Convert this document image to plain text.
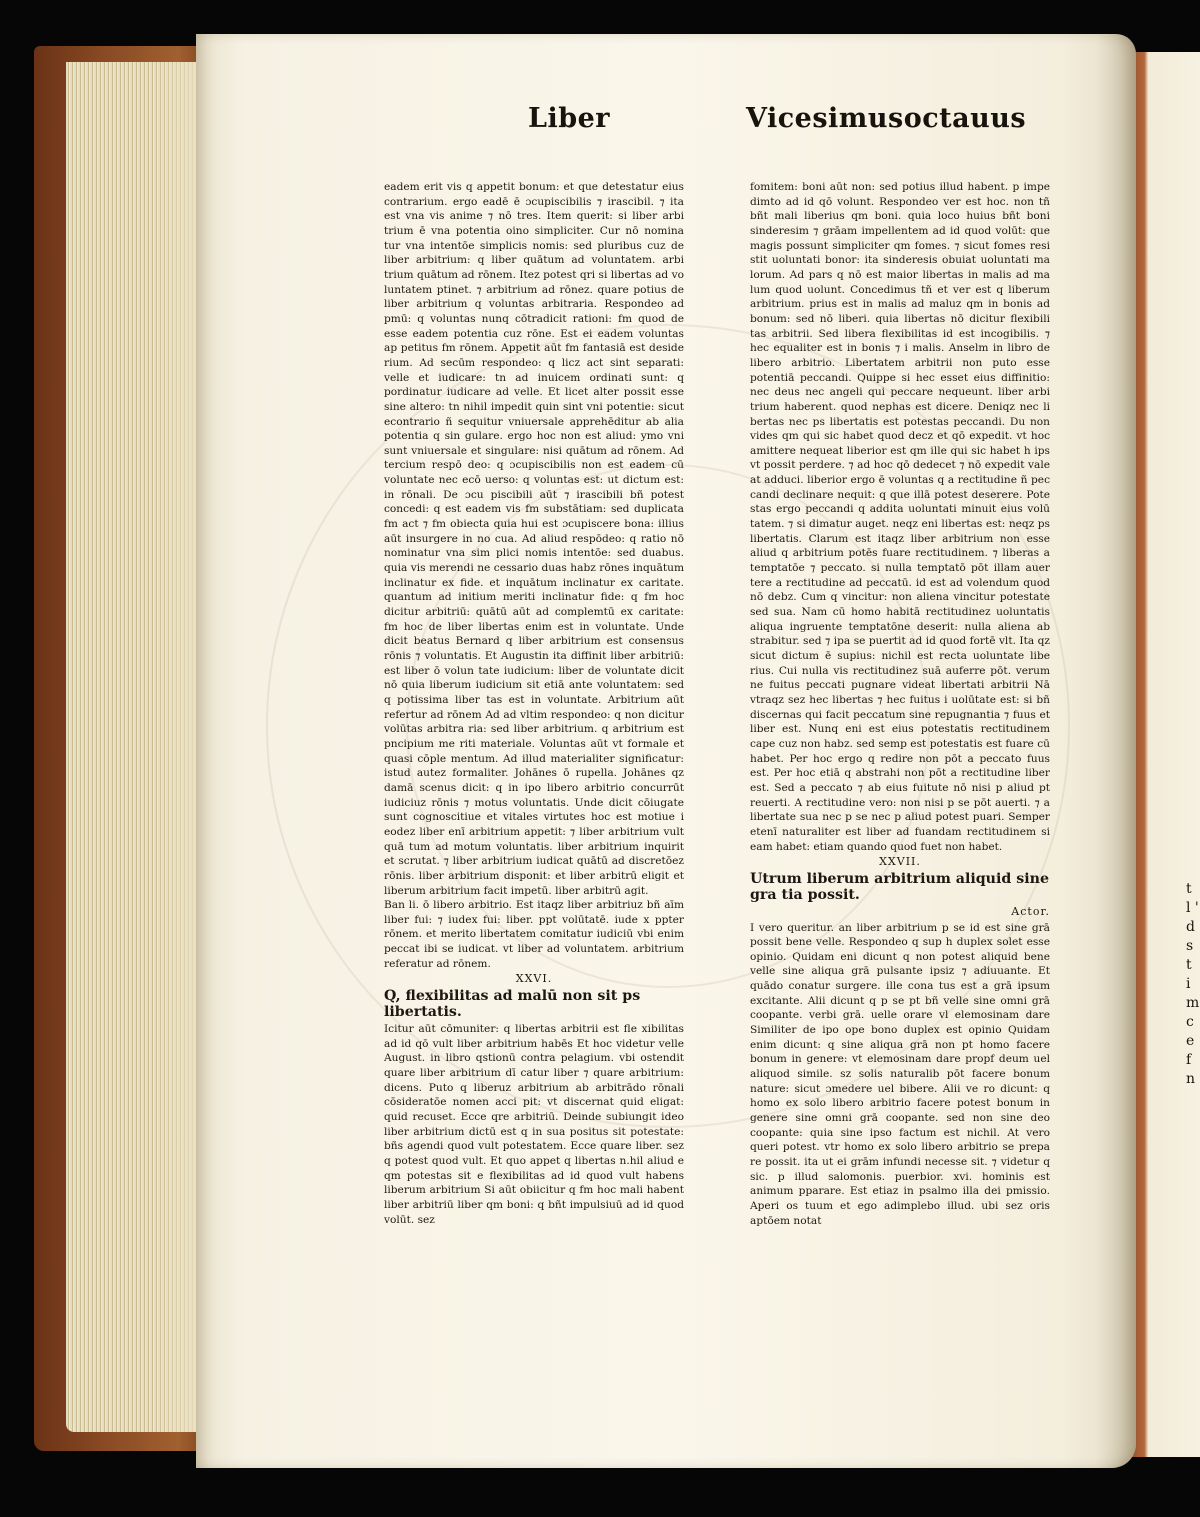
t l ' d s t i m c e f n
Liber	Vicesimusoctauus

eadem erit vis q appetit bonum: et que detestatur eius contrarium. ergo eadē ē ɔcupiscibilis ⁊ irascibil. ⁊ ita est vna vis anime ⁊ nō tres. Item querit: si liber arbi trium ē vna potentia oino simpliciter. Cur nō nomina tur vna intentōe simplicis nomis: sed pluribus cuz de liber arbitrium: q liber quātum ad voluntatem. arbi trium quātum ad rōnem. Itez potest qri si libertas ad vo luntatem ptinet. ⁊ arbitrium ad rōnez. quare potius de liber arbitrium q voluntas arbitraria. Respondeo ad pmū: q voluntas nunq cōtradicit rationi: fm quod de esse eadem potentia cuz rōne. Est ei eadem voluntas ap petitus fm rōnem. Appetit aūt fm fantasiā est deside rium. Ad secūm respondeo: q licz act sint separati: velle et iudicare: tn ad inuicem ordinati sunt: q pordinatur iudicare ad velle. Et licet alter possit esse sine altero: tn nihil impedit quin sint vni potentie: sicut econtrario ñ sequitur vniuersale apprehēditur ab alia potentia q sin gulare. ergo hoc non est aliud: ymo vni sunt vniuersale et singulare: nisi quātum ad rōnem. Ad tercium respō deo: q ɔcupiscibilis non est eadem cū voluntate nec ecō uerso: q voluntas est: ut dictum est: in rōnali. De ɔcu piscibili aūt ⁊ irascibili bñ potest concedi: q est eadem vis fm substātiam: sed duplicata fm act ⁊ fm obiecta quia hui est ɔcupiscere bona: illius aūt insurgere in no cua. Ad aliud respōdeo: q ratio nō nominatur vna sim plici nomis intentōe: sed duabus. quia vis merendi ne cessario duas habz rōnes inquātum inclinatur ex fide. et inquātum inclinatur ex caritate. quantum ad initium meriti inclinatur fide: q fm hoc dicitur arbitriū: quātū aūt ad complemtū ex caritate: fm hoc de liber libertas enim est in voluntate. Unde dicit beatus Bernard q liber arbitrium est consensus rōnis ⁊ voluntatis. Et Augustin ita diffinit liber arbitriū: est liber ō volun tate iudicium: liber de voluntate dicit nō quia liberum iudicium sit etiā ante voluntatem: sed q potissima liber tas est in voluntate. Arbitrium aūt refertur ad rōnem Ad ad vltim respondeo: q non dicitur volūtas arbitra ria: sed liber arbitrium. q arbitrium est pncipium me riti materiale. Voluntas aūt vt formale et quasi cōple mentum. Ad illud materialiter significatur: istud autez formaliter. Johānes ō rupella. Johānes qz damā scenus dicit: q in ipo libero arbitrio concurrūt iudiciuz rōnis ⁊ motus voluntatis. Unde dicit cōiugate sunt cognoscitiue et vitales virtutes hoc est motiue i eodez liber enī arbitrium appetit: ⁊ liber arbitrium vult quā tum ad motum voluntatis. liber arbitrium inquirit et scrutat. ⁊ liber arbitrium iudicat quātū ad discretōez rōnis. liber arbitrium disponit: et liber arbitrū eligit et liberum arbitrium facit impetū. liber arbitrū agit.

Ban li. ō libero arbitrio. Est itaqz liber arbitriuz bñ aīm liber fui: ⁊ iudex fui: liber. ppt volūtatē. iude x ppter rōnem. et merito libertatem comitatur iudiciū vbi enim peccat ibi se iudicat. vt liber ad voluntatem. arbitrium referatur ad rōnem.

XXVI.

Q, flexibilitas ad malū non sit ps libertatis.

Icitur aūt cōmuniter: q libertas arbitrii est fle xibilitas ad id qō vult liber arbitrium habēs Et hoc videtur velle August. in libro qstionū contra pelagium. vbi ostendit quare liber arbitrium dī catur liber ⁊ quare arbitrium: dicens. Puto q liberuz arbitrium ab arbitrādo rōnali cōsideratōe nomen acci pit: vt discernat quid eligat: quid recuset. Ecce qre arbitriū. Deinde subiungit ideo liber arbitrium dictū est q in sua positus sit potestate: bñs agendi quod vult potestatem. Ecce quare liber. sez q potest quod vult. Et quo appet q libertas n.hil aliud e qm potestas sit e flexibilitas ad id quod vult habens liberum arbitrium Si aūt obiicitur q fm hoc mali habent liber arbitriū liber qm boni: q bñt impulsiuū ad id quod volūt. sez

fomitem: boni aūt non: sed potius illud habent. p impe dimto ad id qō volunt. Respondeo ver est hoc. non tñ bñt mali liberius qm boni. quia loco huius bñt boni sinderesim ⁊ grāam impellentem ad id quod volūt: que magis possunt simpliciter qm fomes. ⁊ sicut fomes resi stit uoluntati bonor: ita sinderesis obuiat uoluntati ma lorum. Ad pars q nō est maior libertas in malis ad ma lum quod uolunt. Concedimus tñ et ver est q liberum arbitrium. prius est in malis ad maluz qm in bonis ad bonum: sed nō liberi. quia libertas nō dicitur flexibili tas arbitrii. Sed libera flexibilitas id est incogibilis. ⁊ hec equaliter est in bonis ⁊ i malis. Anselm in libro de libero arbitrio. Libertatem arbitrii non puto esse potentiā peccandi. Quippe si hec esset eius diffinitio: nec deus nec angeli qui peccare nequeunt. liber arbi trium haberent. quod nephas est dicere. Deniqz nec li bertas nec ps libertatis est potestas peccandi. Du non vides qm qui sic habet quod decz et qō expedit. vt hoc amittere nequeat liberior est qm ille qui sic habet h ips vt possit perdere. ⁊ ad hoc qō dedecet ⁊ nō expedit vale at adduci. liberior ergo ē voluntas q a rectitudine ñ pec candi declinare nequit: q que illā potest deserere. Pote stas ergo peccandi q addita uoluntati minuit eius volū tatem. ⁊ si dimatur auget. neqz eni libertas est: neqz ps libertatis. Clarum est itaqz liber arbitrium non esse aliud q arbitrium potēs fuare rectitudinem. ⁊ liberas a temptatōe ⁊ peccato. si nulla temptatō pōt illam auer tere a rectitudine ad peccatū. id est ad volendum quod nō debz. Cum q vincitur: non aliena vincitur potestate sed sua. Nam cū homo habitā rectitudinez uoluntatis aliqua ingruente temptatōne deserit: nulla aliena ab strabitur. sed ⁊ ipa se puertit ad id quod fortē vlt. Ita qz sicut dictum ē supius: nichil est recta uoluntate libe rius. Cui nulla vis rectitudinez suā auferre pōt. verum ne fuitus peccati pugnare videat libertati arbitrii Nā vtraqz sez hec libertas ⁊ hec fuitus i uolūtate est: si bñ discernas qui facit peccatum sine repugnantia ⁊ fuus et liber est. Nunq eni est eius potestatis rectitudinem cape cuz non habz. sed semp est potestatis est fuare cū habet. Per hoc ergo q redire non pōt a peccato fuus est. Per hoc etiā q abstrahi non pōt a rectitudine liber est. Sed a peccato ⁊ ab eius fuitute nō nisi p aliud pt reuerti. A rectitudine vero: non nisi p se pōt auerti. ⁊ a libertate sua nec p se nec p aliud potest puari. Semper etenī naturaliter est liber ad fuandam rectitudinem si eam habet: etiam quando quod fuet non habet.

XXVII.

Utrum liberum arbitrium aliquid sine gra tia possit.

Actor.

I vero queritur. an liber arbitrium p se id est sine grā possit bene velle. Respondeo q sup h duplex solet esse opinio. Quidam eni dicunt q non potest aliquid bene velle sine aliqua grā pulsante ipsiz ⁊ adiuuante. Et quādo conatur surgere. ille cona tus est a grā ipsum excitante. Alii dicunt q p se pt bñ velle sine omni grā coopante. verbi grā. uelle orare vl elemosinam dare Similiter de ipo ope bono duplex est opinio Quidam enim dicunt: q sine aliqua grā non pt homo facere bonum in genere: vt elemosinam dare propf deum uel aliquod simile. sz solis naturalib pōt facere bonum nature: sicut ɔmedere uel bibere. Alii ve ro dicunt: q homo ex solo libero arbitrio facere potest bonum in genere sine omni grā coopante. sed non sine deo coopante: quia sine ipso factum est nichil. At vero queri potest. vtr homo ex solo libero arbitrio se prepa re possit. ita ut ei grām infundi necesse sit. ⁊ videtur q sic. p illud salomonis. puerbior. xvi. hominis est animum pparare. Est etiaz in psalmo illa dei pmissio. Aperi os tuum et ego adimplebo illud. ubi sez oris aptōem notat
